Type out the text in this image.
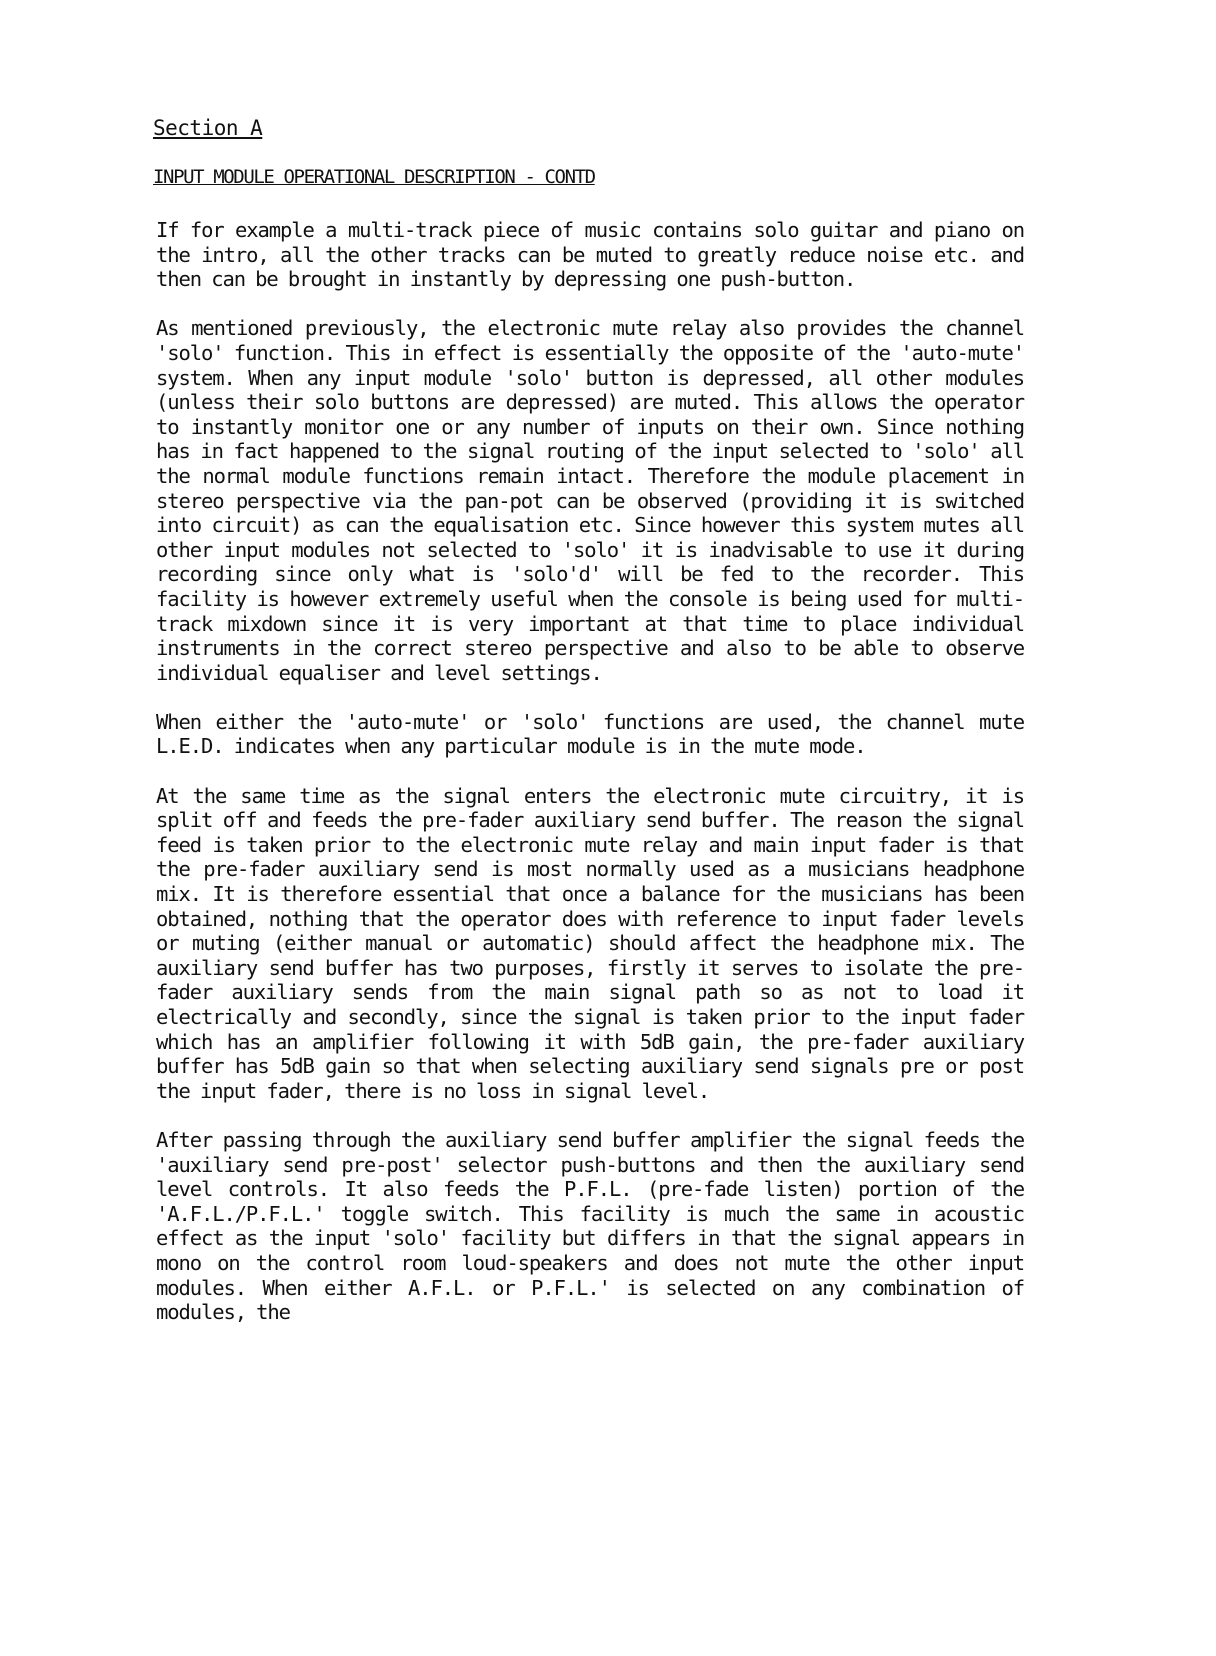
Section A
INPUT MODULE OPERATIONAL DESCRIPTION - CONTD

If for example a multi-track piece of music contains solo guitar and piano on the intro, all the other tracks can be muted to greatly reduce noise etc. and then can be brought in instantly by depressing one push-button.

As mentioned previously, the electronic mute relay also provides the channel 'solo' function. This in effect is essentially the opposite of the 'auto-mute' system. When any input module 'solo' button is depressed, all other modules (unless their solo buttons are depressed) are muted. This allows the operator to instantly monitor one or any number of inputs on their own. Since nothing has in fact happened to the signal routing of the input selected to 'solo' all the normal module functions remain intact. Therefore the module placement in stereo perspective via the pan-pot can be observed (providing it is switched into circuit) as can the equalisation etc. Since however this system mutes all other input modules not selected to 'solo' it is inadvisable to use it during recording since only what is 'solo'd' will be fed to the recorder. This facility is however extremely useful when the console is being used for multi-track mixdown since it is very important at that time to place individual instruments in the correct stereo perspective and also to be able to observe individual equaliser and level settings.

When either the 'auto-mute' or 'solo' functions are used, the channel mute L.E.D. indicates when any particular module is in the mute mode.

At the same time as the signal enters the electronic mute circuitry, it is split off and feeds the pre-fader auxiliary send buffer. The reason the signal feed is taken prior to the electronic mute relay and main input fader is that the pre-fader auxiliary send is most normally used as a musicians headphone mix. It is therefore essential that once a balance for the musicians has been obtained, nothing that the operator does with reference to input fader levels or muting (either manual or automatic) should affect the headphone mix. The auxiliary send buffer has two purposes, firstly it serves to isolate the pre-fader auxiliary sends from the main signal path so as not to load it electrically and secondly, since the signal is taken prior to the input fader which has an amplifier following it with 5dB gain, the pre-fader auxiliary buffer has 5dB gain so that when selecting auxiliary send signals pre or post the input fader, there is no loss in signal level.

After passing through the auxiliary send buffer amplifier the signal feeds the 'auxiliary send pre-post' selector push-buttons and then the auxiliary send level controls. It also feeds the P.F.L. (pre-fade listen) portion of the 'A.F.L./P.F.L.' toggle switch. This facility is much the same in acoustic effect as the input 'solo' facility but differs in that the signal appears in mono on the control room loud-speakers and does not mute the other input modules. When either A.F.L. or P.F.L.' is selected on any combination of modules, the
